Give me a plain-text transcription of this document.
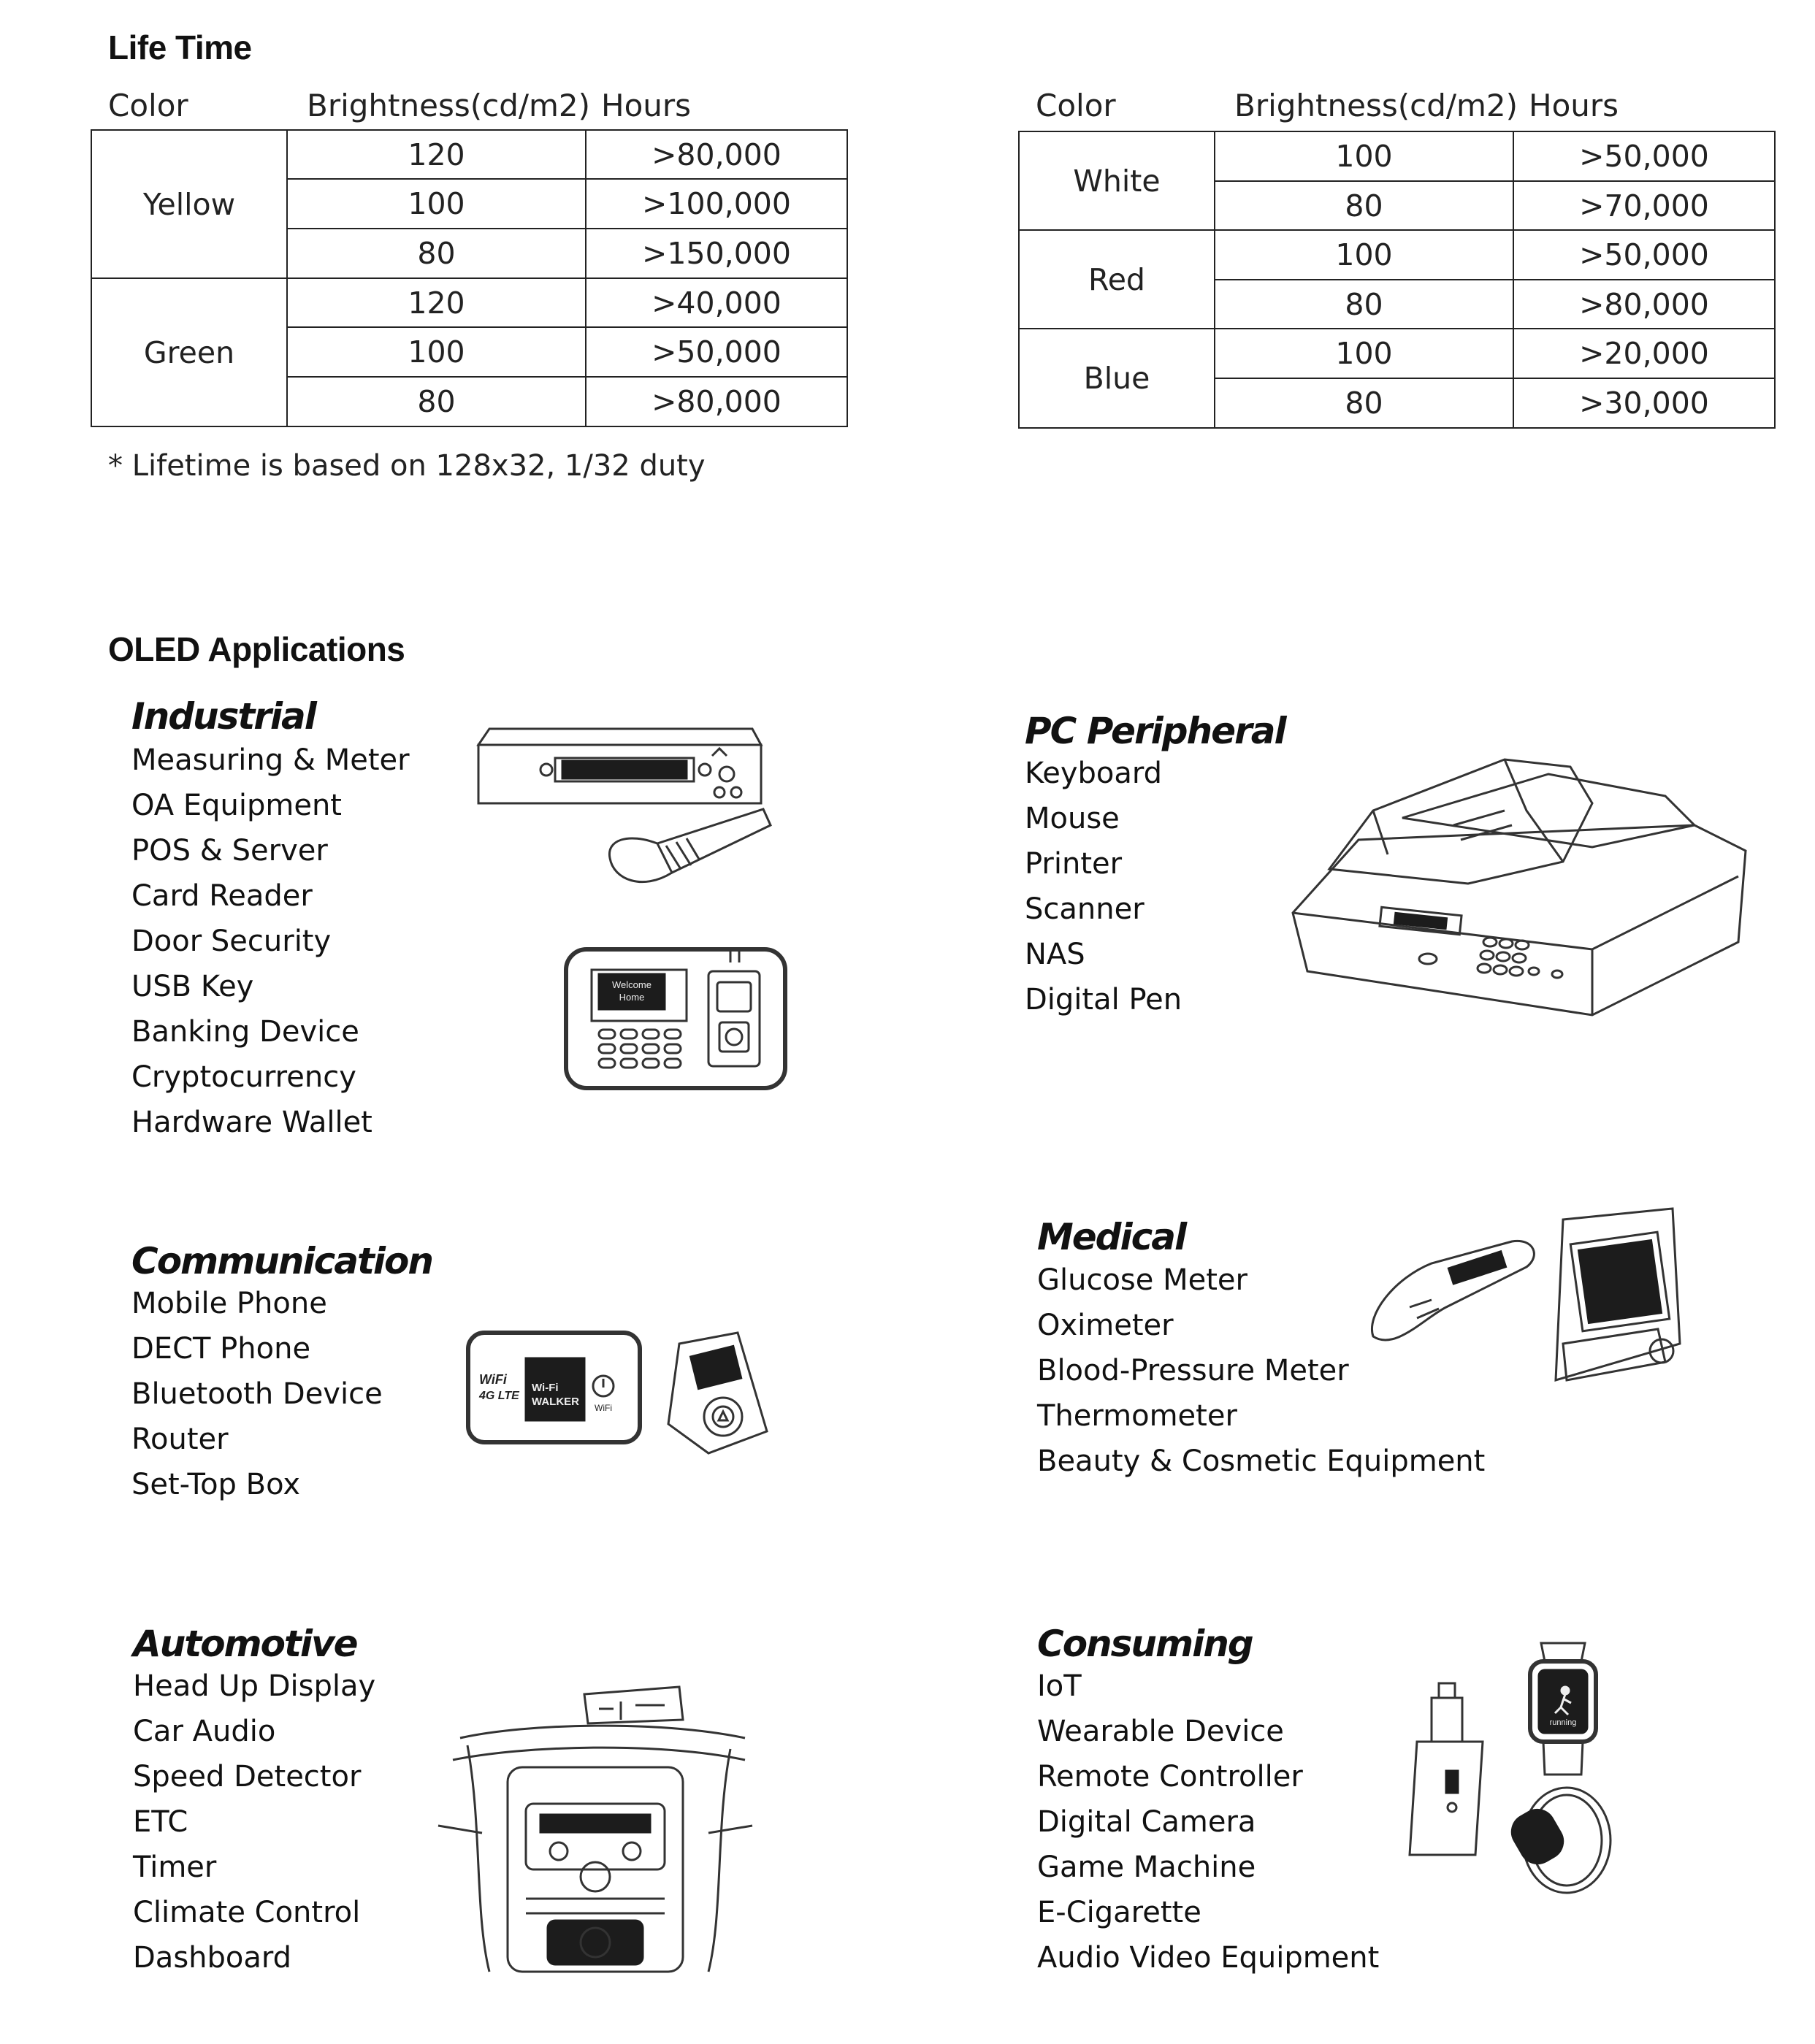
Life Time
Color	Brightness(cd/m2) Hours
Yellow	120	>80,000
	100	>100,000
	80	>150,000
Green	120	>40,000
	100	>50,000
	80	>80,000
Color	Brightness(cd/m2) Hours
White	100	>50,000
	80	>70,000
Red	100	>50,000
	80	>80,000
Blue	100	>20,000
	80	>30,000
* Lifetime is based on 128x32, 1/32 duty
OLED Applications
Industrial
Measuring & Meter
OA Equipment
POS & Server
Card Reader
Door Security
USB Key
Banking Device
Cryptocurrency
Hardware Wallet
Welcome
Home
PC Peripheral
Keyboard
Mouse
Printer
Scanner
NAS
Digital Pen
Communication
Mobile Phone
DECT Phone
Bluetooth Device
Router
Set-Top Box
WiFi
4G LTE
Wi-Fi
WALKER WiFi
Medical
Glucose Meter
Oximeter
Blood-Pressure Meter
Thermometer
Beauty & Cosmetic Equipment
Automotive
Head Up Display
Car Audio
Speed Detector
ETC
Timer
Climate Control
Dashboard
Consuming
IoT
Wearable Device
Remote Controller
Digital Camera
Game Machine
E-Cigarette
Audio Video Equipment
running
